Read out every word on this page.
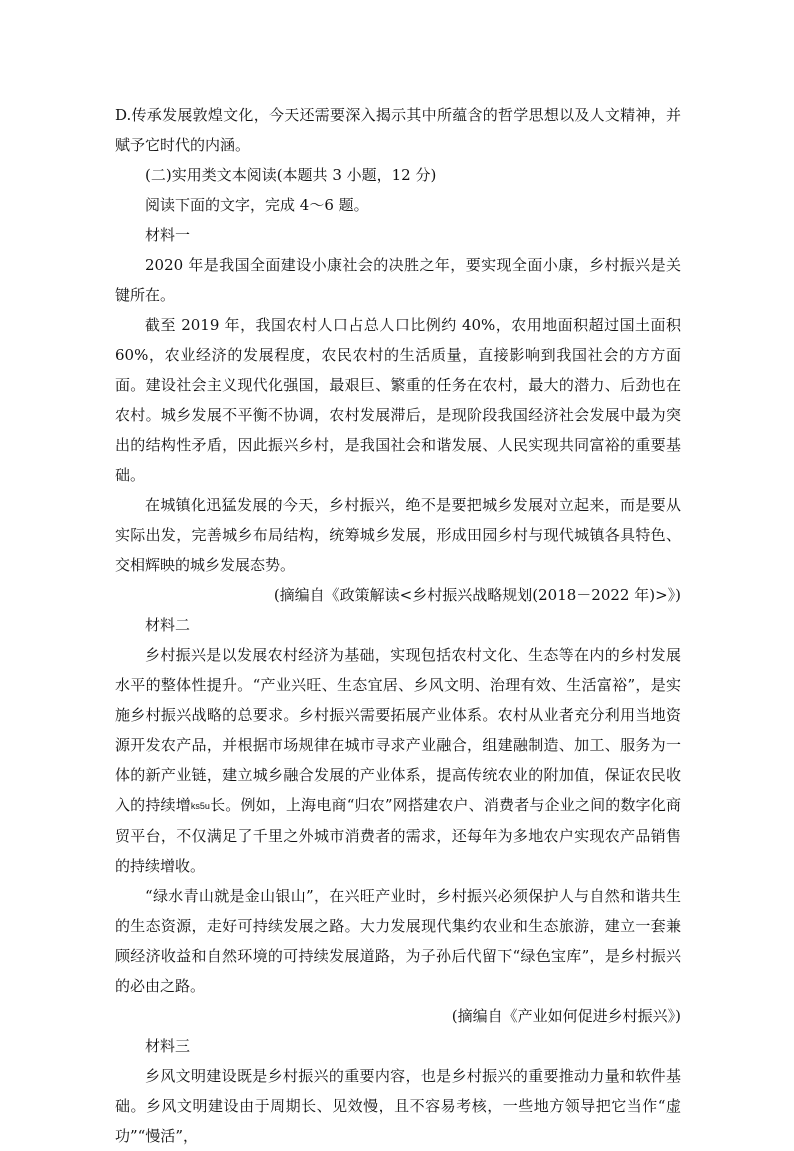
D.传承发展敦煌文化，今天还需要深入揭示其中所蕴含的哲学思想以及人文精神，并赋予它时代的内涵。

(二)实用类文本阅读(本题共 3 小题，12 分)

阅读下面的文字，完成 4～6 题。

材料一

2020 年是我国全面建设小康社会的决胜之年，要实现全面小康，乡村振兴是关键所在。

截至 2019 年，我国农村人口占总人口比例约 40%，农用地面积超过国土面积 60%，农业经济的发展程度，农民农村的生活质量，直接影响到我国社会的方方面面。建设社会主义现代化强国，最艰巨、繁重的任务在农村，最大的潜力、后劲也在农村。城乡发展不平衡不协调，农村发展滞后，是现阶段我国经济社会发展中最为突出的结构性矛盾，因此振兴乡村，是我国社会和谐发展、人民实现共同富裕的重要基础。

在城镇化迅猛发展的今天，乡村振兴，绝不是要把城乡发展对立起来，而是要从实际出发，完善城乡布局结构，统筹城乡发展，形成田园乡村与现代城镇各具特色、交相辉映的城乡发展态势。

(摘编自《政策解读<乡村振兴战略规划(2018－2022 年)>》)

材料二

乡村振兴是以发展农村经济为基础，实现包括农村文化、生态等在内的乡村发展水平的整体性提升。“产业兴旺、生态宜居、乡风文明、治理有效、生活富裕”，是实施乡村振兴战略的总要求。乡村振兴需要拓展产业体系。农村从业者充分利用当地资源开发农产品，并根据市场规律在城市寻求产业融合，组建融制造、加工、服务为一体的新产业链，建立城乡融合发展的产业体系，提高传统农业的附加值，保证农民收入的持续增ks5u长。例如，上海电商“归农”网搭建农户、消费者与企业之间的数字化商贸平台，不仅满足了千里之外城市消费者的需求，还每年为多地农户实现农产品销售的持续增收。

“绿水青山就是金山银山”，在兴旺产业时，乡村振兴必须保护人与自然和谐共生的生态资源，走好可持续发展之路。大力发展现代集约农业和生态旅游，建立一套兼顾经济收益和自然环境的可持续发展道路，为子孙后代留下“绿色宝库”，是乡村振兴的必由之路。

(摘编自《产业如何促进乡村振兴》)

材料三

乡风文明建设既是乡村振兴的重要内容，也是乡村振兴的重要推动力量和软件基础。乡风文明建设由于周期长、见效慢，且不容易考核，一些地方领导把它当作“虚功”“慢活”，
